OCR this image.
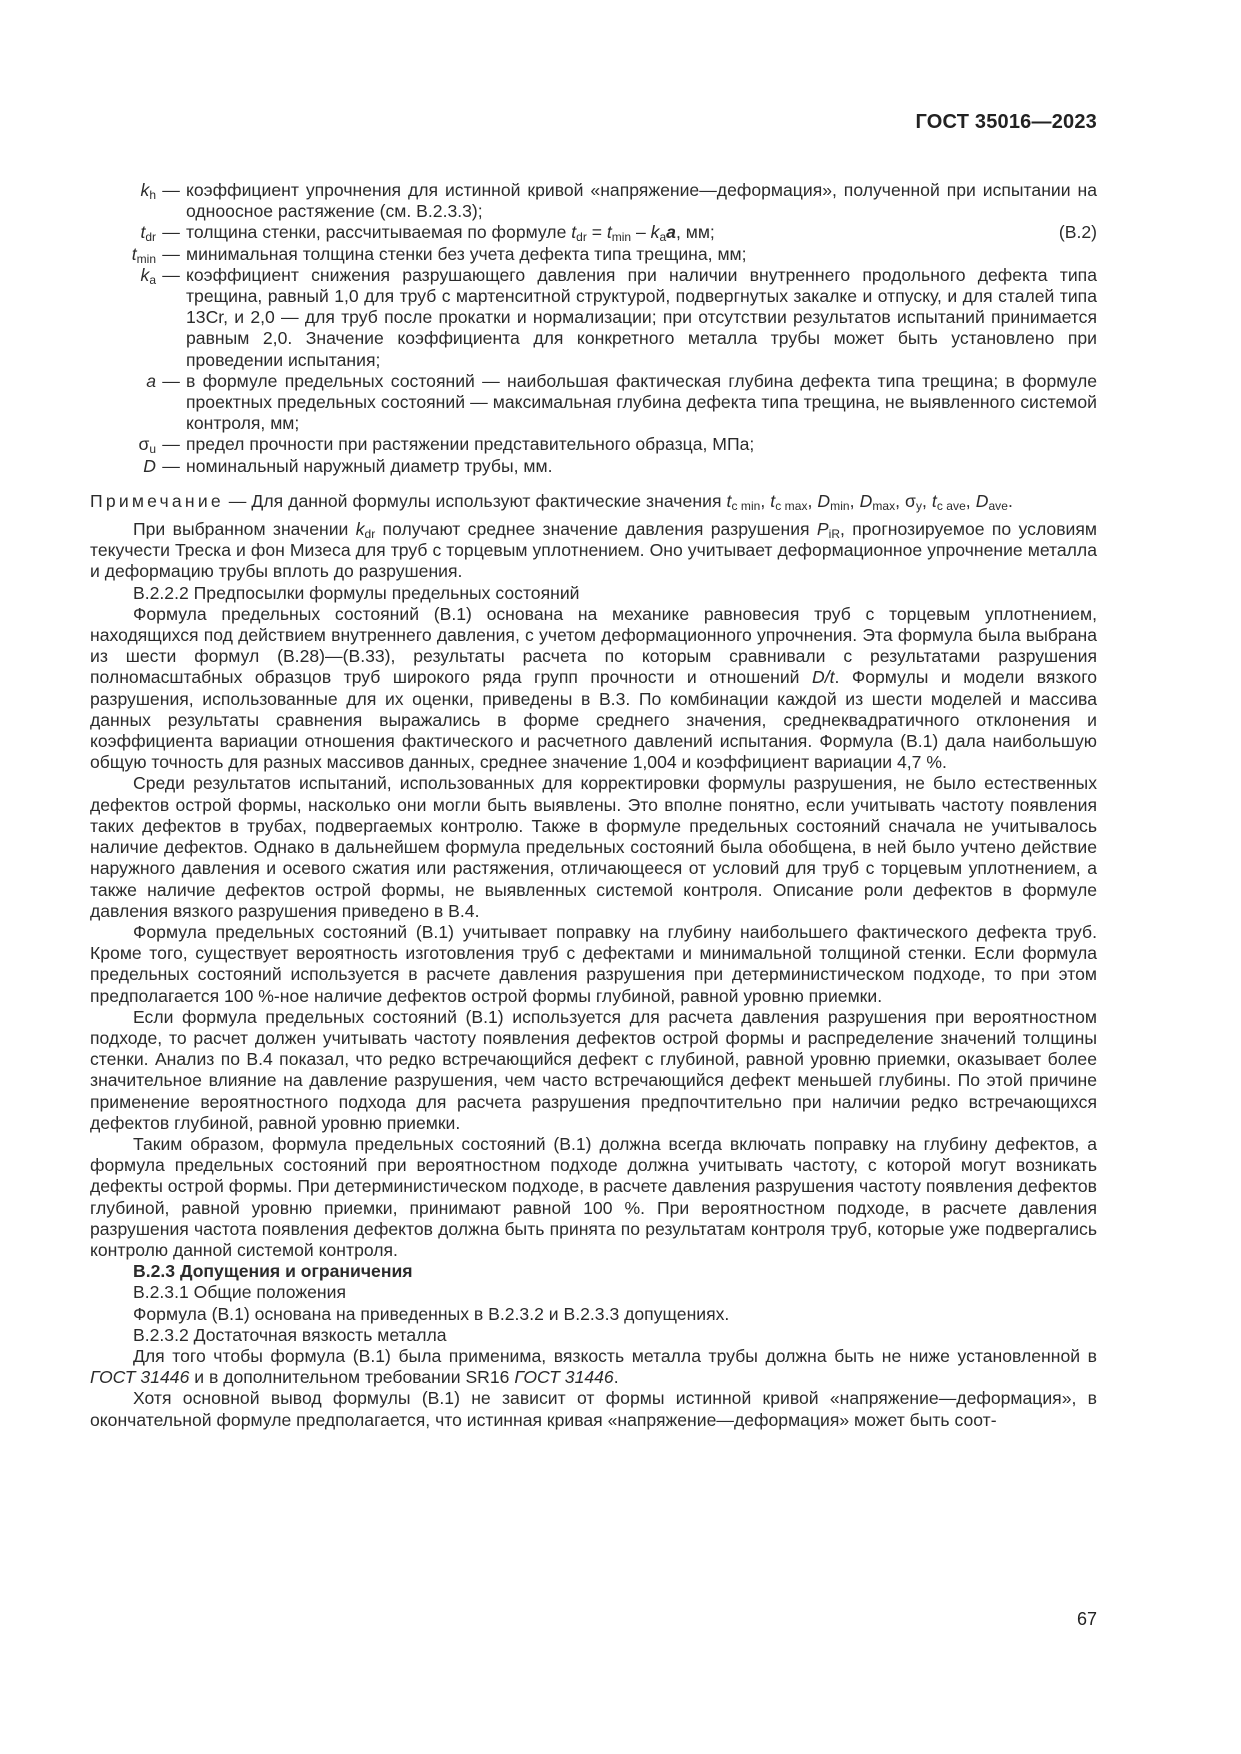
ГОСТ 35016—2023
$k_h$ — коэффициент упрочнения для истинной кривой «напряжение—деформация», полученной при испытании на одноосное растяжение (см. B.2.3.3);
$t_{dr}$ — толщина стенки, рассчитываемая по формуле $t_{dr} = t_{min} - k_aa$, мм;	(B.2)
$t_{min}$ — минимальная толщина стенки без учета дефекта типа трещина, мм;
$k_a$ — коэффициент снижения разрушающего давления при наличии внутреннего продольного дефекта типа трещина, равный 1,0 для труб с мартенситной структурой, подвергнутых закалке и отпуску, и для сталей типа 13Cr, и 2,0 — для труб после прокатки и нормализации; при отсутствии результатов испытаний принимается равным 2,0. Значение коэффициента для конкретного металла трубы может быть установлено при проведении испытания;
a — в формуле предельных состояний — наибольшая фактическая глубина дефекта типа трещина; в формуле проектных предельных состояний — максимальная глубина дефекта типа трещина, не выявленного системой контроля, мм;
$\sigma_u$ — предел прочности при растяжении представительного образца, МПа;
D — номинальный наружный диаметр трубы, мм.
Примечание — Для данной формулы используют фактические значения $t_{c min}$, $t_{c max}$, $D_{min}$, $D_{max}$, $\sigma_y$, $t_{c ave}$, $D_{ave}$.

При выбранном значении $k_{dr}$ получают среднее значение давления разрушения $P_{iR}$, прогнозируемое по условиям текучести Треска и фон Мизеса для труб с торцевым уплотнением. Оно учитывает деформационное упрочнение металла и деформацию трубы вплоть до разрушения.

B.2.2.2 Предпосылки формулы предельных состояний

Формула предельных состояний (B.1) основана на механике равновесия труб с торцевым уплотнением, находящихся под действием внутреннего давления, с учетом деформационного упрочнения. Эта формула была выбрана из шести формул (B.28)—(B.33), результаты расчета по которым сравнивали с результатами разрушения полномасштабных образцов труб широкого ряда групп прочности и отношений D/t. Формулы и модели вязкого разрушения, использованные для их оценки, приведены в B.3. По комбинации каждой из шести моделей и массива данных результаты сравнения выражались в форме среднего значения, среднеквадратичного отклонения и коэффициента вариации отношения фактического и расчетного давлений испытания. Формула (B.1) дала наибольшую общую точность для разных массивов данных, среднее значение 1,004 и коэффициент вариации 4,7 %.

Среди результатов испытаний, использованных для корректировки формулы разрушения, не было естественных дефектов острой формы, насколько они могли быть выявлены. Это вполне понятно, если учитывать частоту появления таких дефектов в трубах, подвергаемых контролю. Также в формуле предельных состояний сначала не учитывалось наличие дефектов. Однако в дальнейшем формула предельных состояний была обобщена, в ней было учтено действие наружного давления и осевого сжатия или растяжения, отличающееся от условий для труб с торцевым уплотнением, а также наличие дефектов острой формы, не выявленных системой контроля. Описание роли дефектов в формуле давления вязкого разрушения приведено в B.4.

Формула предельных состояний (B.1) учитывает поправку на глубину наибольшего фактического дефекта труб. Кроме того, существует вероятность изготовления труб с дефектами и минимальной толщиной стенки. Если формула предельных состояний используется в расчете давления разрушения при детерминистическом подходе, то при этом предполагается 100 %-ное наличие дефектов острой формы глубиной, равной уровню приемки.

Если формула предельных состояний (B.1) используется для расчета давления разрушения при вероятностном подходе, то расчет должен учитывать частоту появления дефектов острой формы и распределение значений толщины стенки. Анализ по B.4 показал, что редко встречающийся дефект с глубиной, равной уровню приемки, оказывает более значительное влияние на давление разрушения, чем часто встречающийся дефект меньшей глубины. По этой причине применение вероятностного подхода для расчета разрушения предпочтительно при наличии редко встречающихся дефектов глубиной, равной уровню приемки.

Таким образом, формула предельных состояний (B.1) должна всегда включать поправку на глубину дефектов, а формула предельных состояний при вероятностном подходе должна учитывать частоту, с которой могут возникать дефекты острой формы. При детерминистическом подходе, в расчете давления разрушения частоту появления дефектов глубиной, равной уровню приемки, принимают равной 100 %. При вероятностном подходе, в расчете давления разрушения частота появления дефектов должна быть принята по результатам контроля труб, которые уже подвергались контролю данной системой контроля.

B.2.3 Допущения и ограничения

B.2.3.1 Общие положения

Формула (B.1) основана на приведенных в B.2.3.2 и B.2.3.3 допущениях.

B.2.3.2 Достаточная вязкость металла

Для того чтобы формула (B.1) была применима, вязкость металла трубы должна быть не ниже установленной в ГОСТ 31446 и в дополнительном требовании SR16 ГОСТ 31446.

Хотя основной вывод формулы (B.1) не зависит от формы истинной кривой «напряжение—деформация», в окончательной формуле предполагается, что истинная кривая «напряжение—деформация» может быть соот-

67
